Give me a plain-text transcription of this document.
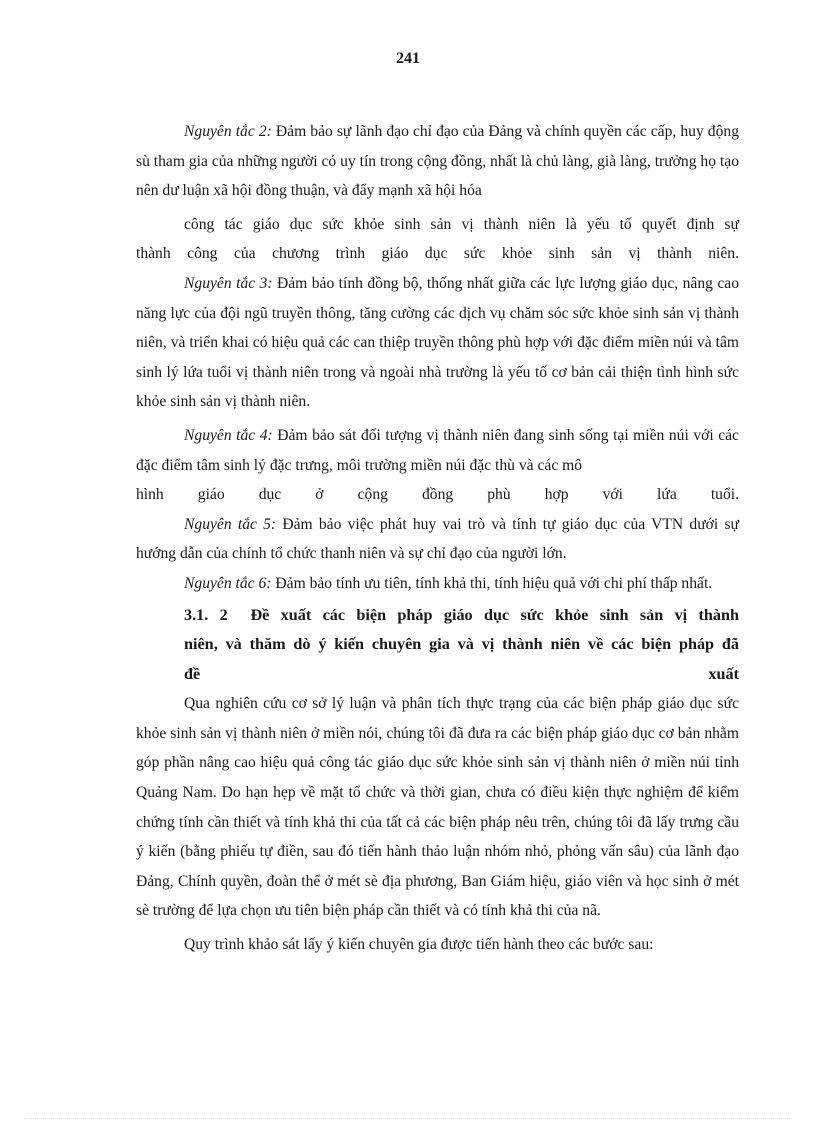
241

Nguyên tắc 2: Đảm bảo sự lãnh đạo chỉ đạo của Đảng và chính quyền các cấp, huy động sù tham gia của những người có uy tín trong cộng đồng, nhất là chủ làng, già làng, trưởng họ tạo nên dư luận xã hội đồng thuận, và đẩy mạnh xã hội hóa

công tác giáo dục sức khỏe sinh sản vị thành niên là yếu tố quyết định sự

thành công của chương trình giáo dục sức khỏe sinh sản vị thành niên.

Nguyên tắc 3: Đảm bảo tính đồng bộ, thống nhất giữa các lực lượng giáo dục, nâng cao năng lực của đội ngũ truyền thông, tăng cường các dịch vụ chăm sóc sức khỏe sinh sản vị thành niên, và triển khai có hiệu quả các can thiệp truyền thông phù hợp với đặc điểm miền núi và tâm sinh lý lứa tuổi vị thành niên trong và ngoài nhà trường là yếu tố cơ bản cải thiện tình hình sức khỏe sinh sản vị thành niên.

Nguyên tắc 4: Đảm bảo sát đối tượng vị thành niên đang sinh sống tại miền núi với các đặc điểm tâm sinh lý đặc trưng, môi trường miền núi đặc thù và các mô

hình giáo dục ở cộng đồng phù hợp với lứa tuổi.

Nguyên tắc 5: Đảm bảo việc phát huy vai trò và tính tự giáo dục của VTN dưới sự hướng dẫn của chính tổ chức thanh niên và sự chỉ đạo của người lớn.

Nguyên tắc 6: Đảm bảo tính ưu tiên, tính khả thi, tính hiệu quả với chi phí thấp nhất.

3.1. 2 Đề xuất các biện pháp giáo dục sức khỏe sinh sản vị thành

niên, và thăm dò ý kiến chuyên gia và vị thành niên về các biện pháp đã

đề xuất

Qua nghiên cứu cơ sở lý luận và phân tích thực trạng của các biện pháp giáo dục sức khỏe sinh sản vị thành niên ở miền nói, chúng tôi đã đưa ra các biện pháp giáo dục cơ bản nhằm góp phần nâng cao hiệu quả công tác giáo dục sức khỏe sinh sản vị thành niên ở miền núi tỉnh Quảng Nam. Do hạn hẹp về mặt tổ chức và thời gian, chưa có điều kiện thực nghiệm để kiểm chứng tính cần thiết và tính khả thi của tất cả các biện pháp nêu trên, chúng tôi đã lấy trưng cầu ý kiến (bằng phiếu tự điền, sau đó tiến hành thảo luận nhóm nhỏ, phỏng vấn sâu) của lãnh đạo Đảng, Chính quyền, đoàn thể ở mét sè địa phương, Ban Giám hiệu, giáo viên và học sinh ở mét sè trường để lựa chọn ưu tiên biện pháp cần thiết và có tính khả thi của nã.

Quy trình khảo sát lấy ý kiến chuyên gia được tiến hành theo các bước sau:
